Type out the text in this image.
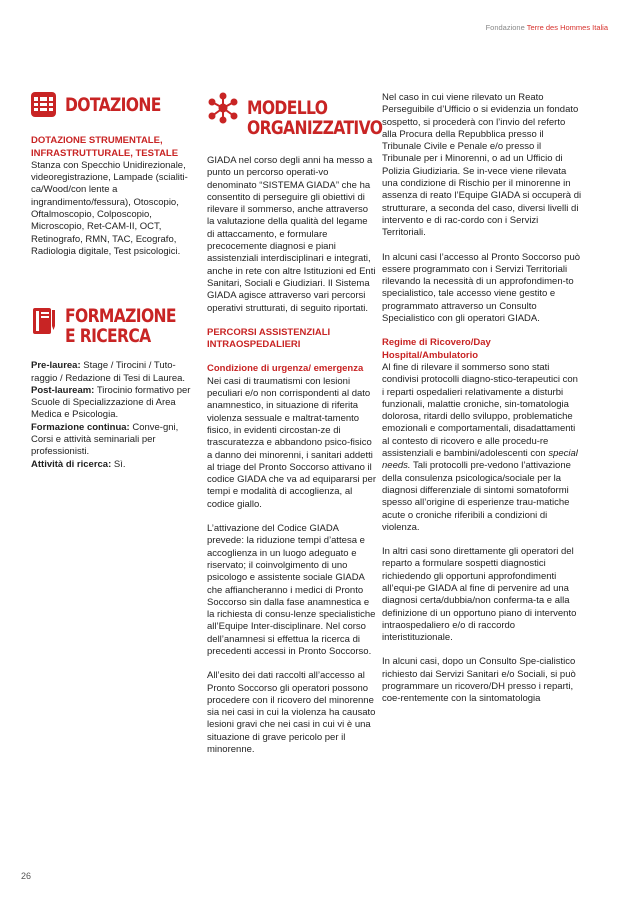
Fondazione Terre des Hommes Italia
DOTAZIONE

DOTAZIONE STRUMENTALE, INFRASTRUTTURALE, TESTALE

Stanza con Specchio Unidirezionale, videoregistrazione, Lampade (scialiti-ca/Wood/con lente a ingrandimento/fessura), Otoscopio, Oftalmoscopio, Colposcopio, Microscopio, Ret-CAM-II, OCT, Retinografo, RMN, TAC, Ecografo, Radiologia digitale, Test psicologici.

FORMAZIONE
E RICERCA

Pre-laurea: Stage / Tirocini / Tuto-raggio / Redazione di Tesi di Laurea.

Post-lauream: Tirocinio formativo per Scuole di Specializzazione di Area Medica e Psicologia.

Formazione continua: Conve-gni, Corsi e attività seminariali per professionisti.

Attività di ricerca: Sì.

MODELLO
ORGANIZZATIVO

GIADA nel corso degli anni ha messo a punto un percorso operati-vo denominato “SISTEMA GIADA” che ha consentito di perseguire gli obiettivi di rilevare il sommerso, anche attraverso la valutazione della qualità del legame di attaccamento, e formulare precocemente diagnosi e piani assistenziali interdisciplinari e integrati, anche in rete con altre Istituzioni ed Enti Sanitari, Sociali e Giudiziari. Il Sistema GIADA agisce attraverso vari percorsi operativi strutturati, di seguito riportati.

PERCORSI ASSISTENZIALI INTRAOSPEDALIERI

Condizione di urgenza/ emergenza

Nei casi di traumatismi con lesioni peculiari e/o non corrispondenti al dato anamnestico, in situazione di riferita violenza sessuale e maltrat-tamento fisico, in evidenti circostan-ze di trascuratezza e abbandono psico-fisico a danno dei minorenni, i sanitari addetti al triage del Pronto Soccorso attivano il codice GIADA che va ad equipararsi per tempi e modalità di accoglienza, al codice giallo.

L’attivazione del Codice GIADA prevede: la riduzione tempi d’attesa e accoglienza in un luogo adeguato e riservato; il coinvolgimento di uno psicologo e assistente sociale GIADA che affiancheranno i medici di Pronto Soccorso sin dalla fase anamnestica e la richiesta di consu-lenze specialistiche all’Equipe Inter-disciplinare. Nel corso dell’anamnesi si effettua la ricerca di precedenti accessi in Pronto Soccorso.

All’esito dei dati raccolti all’accesso al Pronto Soccorso gli operatori possono procedere con il ricovero del minorenne sia nei casi in cui la violenza ha causato lesioni gravi che nei casi in cui vi è una situazione di grave pericolo per il minorenne.

Nel caso in cui viene rilevato un Reato Perseguibile d’Ufficio o si evidenzia un fondato sospetto, si procederà con l’invio del referto alla Procura della Repubblica presso il Tribunale Civile e Penale e/o presso il Tribunale per i Minorenni, o ad un Ufficio di Polizia Giudiziaria. Se in-vece viene rilevata una condizione di Rischio per il minorenne in assenza di reato l’Equipe GIADA si occuperà di strutturare, a seconda del caso, diversi livelli di intervento e di rac-cordo con i Servizi Territoriali.

In alcuni casi l’accesso al Pronto Soccorso può essere programmato con i Servizi Territoriali rilevando la necessità di un approfondimen-to specialistico, tale accesso viene gestito e programmato attraverso un Consulto Specialistico con gli operatori GIADA.

Regime di Ricovero/Day Hospital/Ambulatorio

Al fine di rilevare il sommerso sono stati condivisi protocolli diagno-stico-terapeutici con i reparti ospedalieri relativamente a disturbi funzionali, malattie croniche, sin-tomatologia dolorosa, ritardi dello sviluppo, problematiche emozionali e comportamentali, disadattamenti al contesto di ricovero e alle procedu-re assistenziali e bambini/adolescenti con special needs. Tali protocolli pre-vedono l’attivazione della consulenza psicologica/sociale per la diagnosi differenziale di sintomi somatoformi spesso all’origine di esperienze trau-matiche acute o croniche riferibili a condizioni di violenza.

In altri casi sono direttamente gli operatori del reparto a formulare sospetti diagnostici richiedendo gli opportuni approfondimenti all’equi-pe GIADA al fine di pervenire ad una diagnosi certa/dubbia/non conferma-ta e alla definizione di un opportuno piano di intervento intraospedaliero e/o di raccordo interistituzionale.

In alcuni casi, dopo un Consulto Spe-cialistico richiesto dai Servizi Sanitari e/o Sociali, si può programmare un ricovero/DH presso i reparti, coe-rentemente con la sintomatologia

26
